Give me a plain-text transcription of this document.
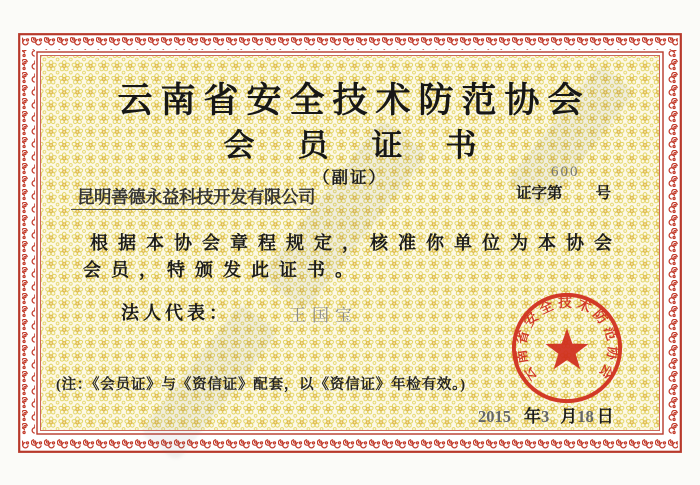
云南省安全技术防范协会
会员证书
（副证）
昆明善德永益科技开发有限公司
600
证字第 号
根据本协会章程规定，核准你单位为本协会
会员，特颁发此证书。
法人代表：	王国宝
(注：《会员证》与《资信证》配套，以《资信证》年检有效。)
2015 年3 月18 日
云南省安全技术防范协会
